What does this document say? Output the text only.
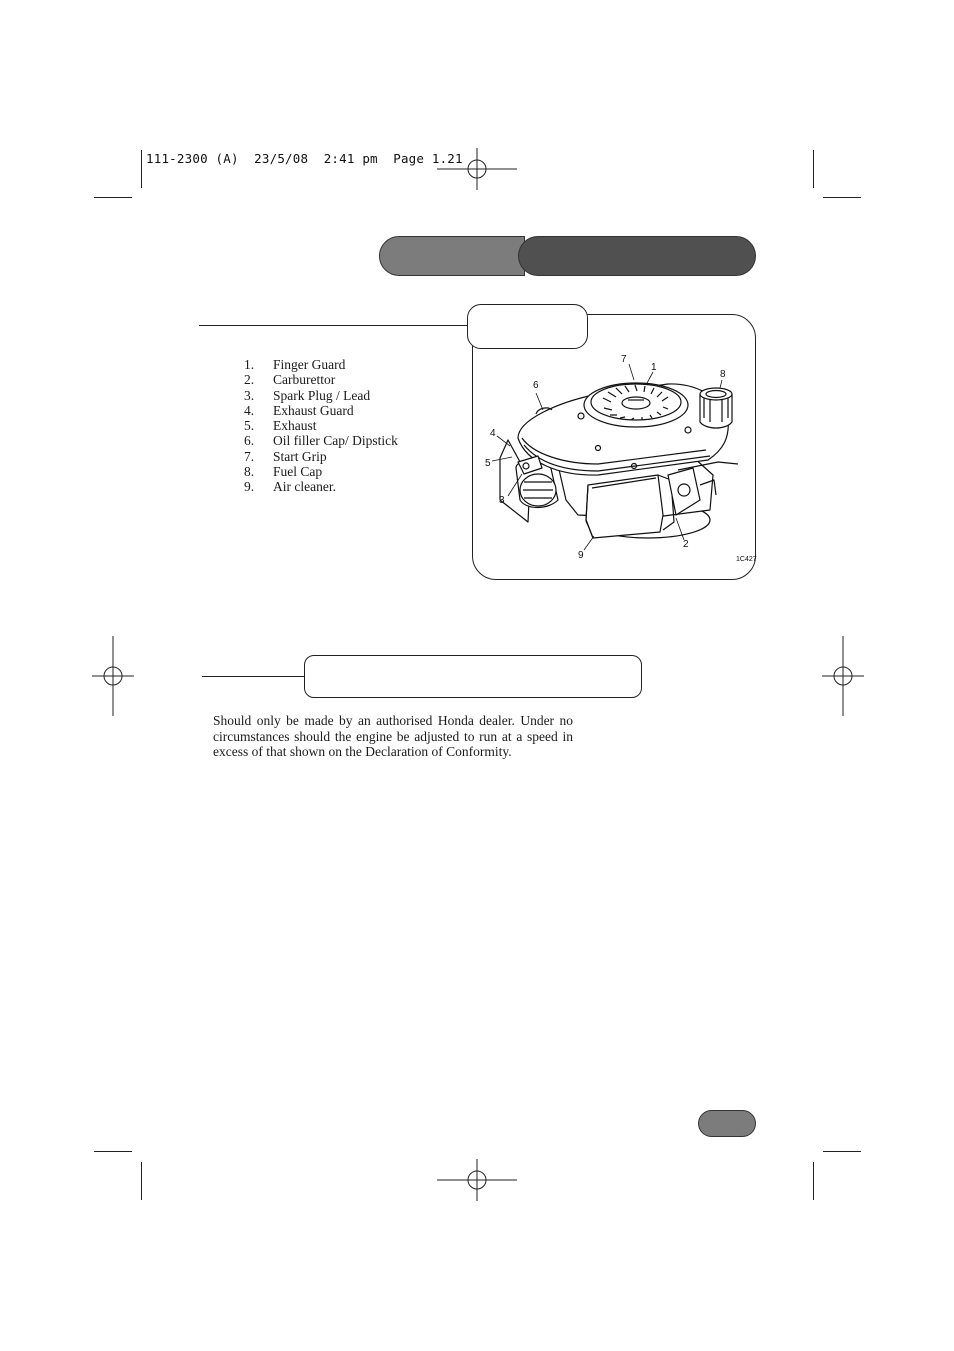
111-2300 (A)  23/5/08  2:41 pm  Page 1.21
1.	Finger Guard
2.	Carburettor
3.	Spark Plug / Lead
4.	Exhaust Guard
5.	Exhaust
6.	Oil filler Cap/ Dipstick
7.	Start Grip
8.	Fuel Cap
9.	Air cleaner.
7
1
8
6
4
5
3
9
2
1C427

Should only be made by an authorised Honda dealer. Under no circumstances should the engine be adjusted to run at a speed in excess of that shown on the Declaration of Conformity.
